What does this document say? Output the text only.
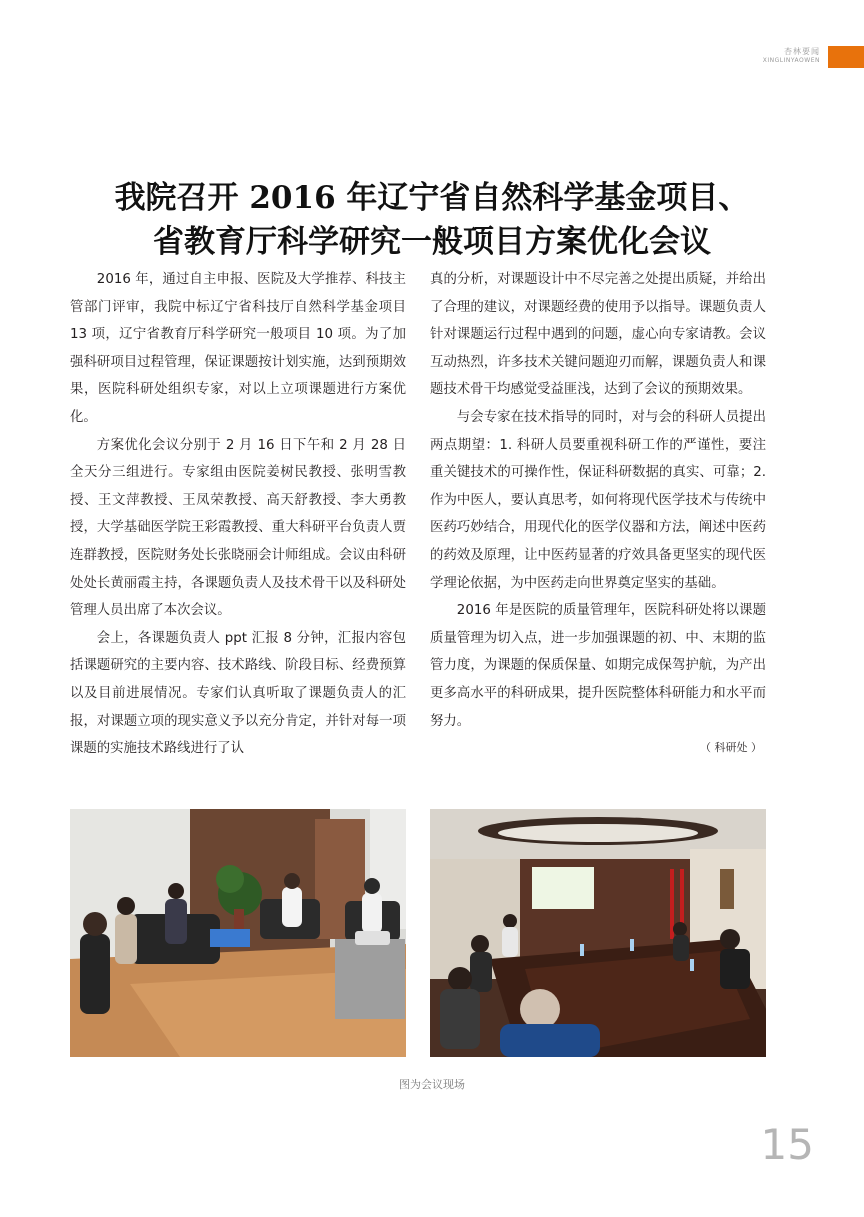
杏林要闻
XINGLINYAOWEN
我院召开 2016 年辽宁省自然科学基金项目、
省教育厅科学研究一般项目方案优化会议

2016 年，通过自主申报、医院及大学推荐、科技主管部门评审，我院中标辽宁省科技厅自然科学基金项目 13 项，辽宁省教育厅科学研究一般项目 10 项。为了加强科研项目过程管理，保证课题按计划实施，达到预期效果，医院科研处组织专家，对以上立项课题进行方案优化。

方案优化会议分别于 2 月 16 日下午和 2 月 28 日全天分三组进行。专家组由医院姜树民教授、张明雪教授、王文萍教授、王凤荣教授、高天舒教授、李大勇教授，大学基础医学院王彩霞教授、重大科研平台负责人贾连群教授，医院财务处长张晓丽会计师组成。会议由科研处处长黄丽霞主持，各课题负责人及技术骨干以及科研处管理人员出席了本次会议。

会上，各课题负责人 ppt 汇报 8 分钟，汇报内容包括课题研究的主要内容、技术路线、阶段目标、经费预算以及目前进展情况。专家们认真听取了课题负责人的汇报，对课题立项的现实意义予以充分肯定，并针对每一项课题的实施技术路线进行了认

真的分析，对课题设计中不尽完善之处提出质疑，并给出了合理的建议，对课题经费的使用予以指导。课题负责人针对课题运行过程中遇到的问题，虚心向专家请教。会议互动热烈，许多技术关键问题迎刃而解，课题负责人和课题技术骨干均感觉受益匪浅，达到了会议的预期效果。

与会专家在技术指导的同时，对与会的科研人员提出两点期望：1. 科研人员要重视科研工作的严谨性，要注重关键技术的可操作性，保证科研数据的真实、可靠；2. 作为中医人，要认真思考，如何将现代医学技术与传统中医药巧妙结合，用现代化的医学仪器和方法，阐述中医药的药效及原理，让中医药显著的疗效具备更坚实的现代医学理论依据，为中医药走向世界奠定坚实的基础。

2016 年是医院的质量管理年，医院科研处将以课题质量管理为切入点，进一步加强课题的初、中、末期的监管力度，为课题的保质保量、如期完成保驾护航，为产出更多高水平的科研成果，提升医院整体科研能力和水平而努力。

（ 科研处 ）
图为会议现场
15
